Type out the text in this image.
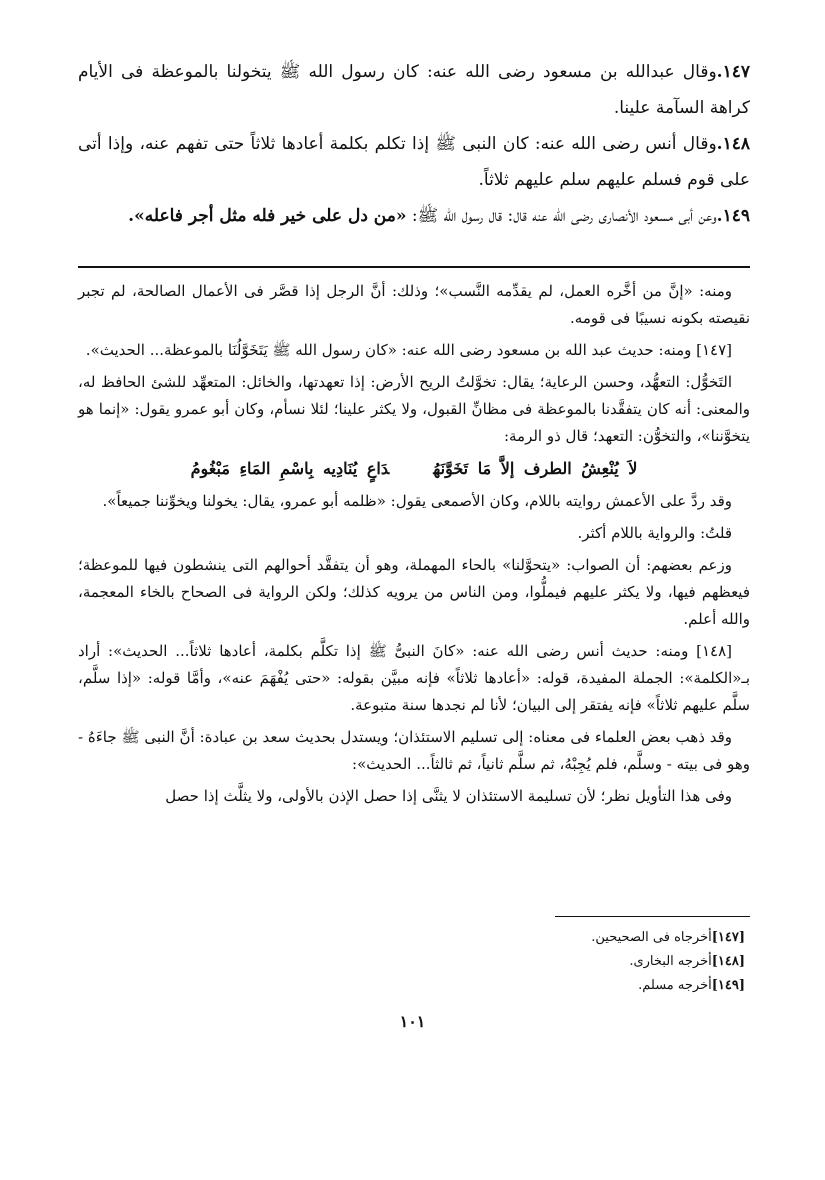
١٤٧.وقال عبدالله بن مسعود رضى الله عنه: كان رسول الله ﷺ يتخولنا بالموعظة فى الأيام كراهة السآمة علينا.
١٤٨.وقال أنس رضى الله عنه: كان النبى ﷺ إذا تكلم بكلمة أعادها ثلاثاً حتى تفهم عنه، وإذا أتى على قوم فسلم عليهم سلم عليهم ثلاثاً.
١٤٩.وعن أبى مسعود الأنصارى رضى الله عنه قال: قال رسول الله ﷺ: «من دل على خير فله مثل أجر فاعله».

ومنه: «إنَّ من أخَّره العمل، لم يقدِّمه النَّسب»؛ وذلك: أنَّ الرجل إذا قصَّر فى الأعمال الصالحة، لم تجبر نقيصته بكونه نسيبًا فى قومه.

[١٤٧] ومنه: حديث عبد الله بن مسعود رضى الله عنه: «كان رسول الله ﷺ يَتَخَوَّلُنَا بالموعظة... الحديث».

التَخوُّل: التعهُّد، وحسن الرعاية؛ يقال: تخوَّلتُ الريح الأرض: إذا تعهدتها، والخائل: المتعهِّد للشئ الحافظ له، والمعنى: أنه كان يتفقَّدنا بالموعظة فى مظانِّ القبول، ولا يكثر علينا؛ لئلا نسأم، وكان أبو عمرو يقول: «إنما هو يتخوَّننا»، والتخوُّن: التعهد؛ قال ذو الرمة:

لاَ يُنْعِشُ الطرف إلاَّ مَا تَخَوَّنَهُدَاعٍ يُنَادِيه بِاسْمِ المَاءِ مَبْغُومُ

وقد ردَّ على الأعمش روايته باللام، وكان الأصمعى يقول: «ظلمه أبو عمرو، يقال: يخولنا ويخوِّننا جميعاً».

قلتُ: والرواية باللام أكثر.

وزعم بعضهم: أن الصواب: «يتحوَّلنا» بالحاء المهملة، وهو أن يتفقَّد أحوالهم التى ينشطون فيها للموعظة؛ فيعظهم فيها، ولا يكثر عليهم فيملُّوا، ومن الناس من يرويه كذلك؛ ولكن الرواية فى الصحاح بالخاء المعجمة، والله أعلم.

[١٤٨] ومنه: حديث أنس رضى الله عنه: «كانَ النبىُّ ﷺ إذا تكلَّم بكلمة، أعادها ثلاثاً... الحديث»: أراد بـ«الكلمة»: الجملة المفيدة، قوله: «أعادها ثلاثاً» فإنه مبيَّن بقوله: «حتى يُفْهَمَ عنه»، وأمَّا قوله: «إذا سلَّم، سلَّم عليهم ثلاثاً» فإنه يفتقر إلى البيان؛ لأنا لم نجدها سنة متبوعة.

وقد ذهب بعض العلماء فى معناه: إلى تسليم الاستئذان؛ ويستدل بحديث سعد بن عبادة: أنَّ النبى ﷺ جاءَهُ - وهو فى بيته - وسلَّم، فلم يُجِبْهُ، ثم سلَّم ثانياً، ثم ثالثاً... الحديث»:

وفى هذا التأويل نظر؛ لأن تسليمة الاستئذان لا يثنَّى إذا حصل الإذن بالأولى، ولا يثلَّث إذا حصل

[١٤٧]أخرجاه فى الصحيحين.
[١٤٨]أخرجه البخارى.
[١٤٩]أخرجه مسلم.
١٠١
